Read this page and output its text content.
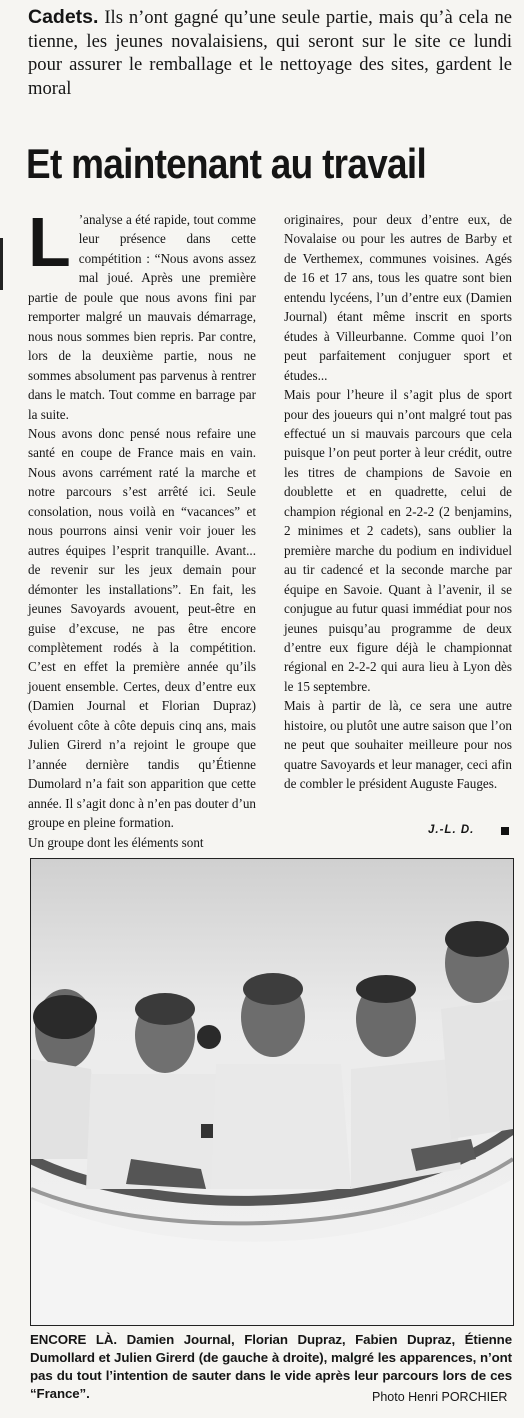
Cadets. Ils n’ont gagné qu’une seule partie, mais qu’à cela ne tienne, les jeunes novalaisiens, qui seront sur le site ce lundi pour assurer le remballage et le nettoyage des sites, gardent le moral
Et maintenant au travail
L ’analyse a été rapide, tout comme leur présence dans cette compétition : “Nous avons assez mal joué. Après une première partie de poule que nous avons fini par remporter malgré un mauvais démarrage, nous nous sommes bien repris. Par contre, lors de la deuxième partie, nous ne sommes absolument pas parvenus à rentrer dans le match. Tout comme en barrage par la suite.

Nous avons donc pensé nous refaire une santé en coupe de France mais en vain. Nous avons carrément raté la marche et notre parcours s’est arrêté ici. Seule consolation, nous voilà en “vacances” et nous pourrons ainsi venir voir jouer les autres équipes l’esprit tranquille. Avant... de revenir sur les jeux demain pour démonter les installations”. En fait, les jeunes Savoyards avouent, peut-être en guise d’excuse, ne pas être encore complètement rodés à la compétition. C’est en effet la première année qu’ils jouent ensemble. Certes, deux d’entre eux (Damien Journal et Florian Dupraz) évoluent côte à côte depuis cinq ans, mais Julien Girerd n’a rejoint le groupe que l’année dernière tandis qu’Étienne Dumolard n’a fait son apparition que cette année. Il s’agit donc à n’en pas douter d’un groupe en pleine formation.

Un groupe dont les éléments sont

originaires, pour deux d’entre eux, de Novalaise ou pour les autres de Barby et de Verthemex, communes voisines. Agés de 16 et 17 ans, tous les quatre sont bien entendu lycéens, l’un d’entre eux (Damien Journal) étant même inscrit en sports études à Villeurbanne. Comme quoi l’on peut parfaitement conjuguer sport et études...

Mais pour l’heure il s’agit plus de sport pour des joueurs qui n’ont malgré tout pas effectué un si mauvais parcours que cela puisque l’on peut porter à leur crédit, outre les titres de champions de Savoie en doublette et en quadrette, celui de champion régional en 2-2-2 (2 benjamins, 2 minimes et 2 cadets), sans oublier la première marche du podium en individuel au tir cadencé et la seconde marche par équipe en Savoie. Quant à l’avenir, il se conjugue au futur quasi immédiat pour nos jeunes puisqu’au programme de deux d’entre eux figure déjà le championnat régional en 2-2-2 qui aura lieu à Lyon dès le 15 septembre.

Mais à partir de là, ce sera une autre histoire, ou plutôt une autre saison que l’on ne peut que souhaiter meilleure pour nos quatre Savoyards et leur manager, ceci afin de combler le président Auguste Fauges.

J.-L. D.
ENCORE LÀ. Damien Journal, Florian Dupraz, Fabien Dupraz, Étienne Dumollard et Julien Girerd (de gauche à droite), malgré les apparences, n’ont pas du tout l’intention de sauter dans le vide après leur parcours lors de ces “France”.	Photo Henri PORCHIER
